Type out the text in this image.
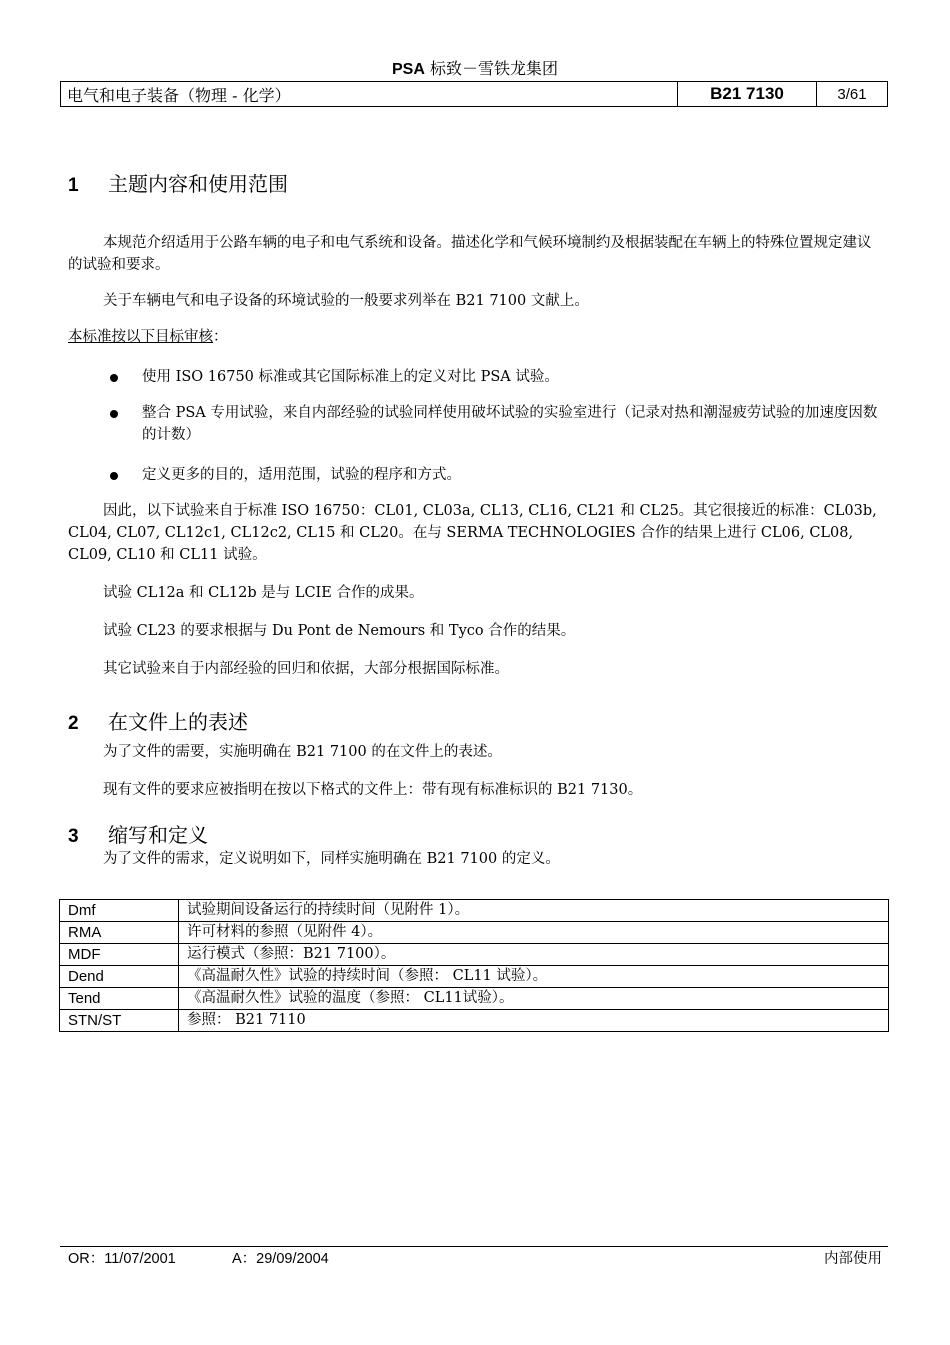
PSA 标致－雪铁龙集团
电气和电子装备（物理 - 化学）	B21 7130	3/61
1	主题内容和使用范围

本规范介绍适用于公路车辆的电子和电气系统和设备。描述化学和气候环境制约及根据装配在车辆上的特殊位置规定建议的试验和要求。

关于车辆电气和电子设备的环境试验的一般要求列举在 B21 7100 文献上。

本标准按以下目标审核：

使用 ISO 16750 标准或其它国际标准上的定义对比 PSA 试验。
整合 PSA 专用试验，来自内部经验的试验同样使用破坏试验的实验室进行（记录对热和潮湿疲劳试验的加速度因数的计数）
定义更多的目的，适用范围，试验的程序和方式。

因此，以下试验来自于标准 ISO 16750：CL01, CL03a, CL13, CL16, CL21 和 CL25。其它很接近的标准：CL03b, CL04, CL07, CL12c1, CL12c2, CL15 和 CL20。在与 SERMA TECHNOLOGIES 合作的结果上进行 CL06, CL08, CL09, CL10 和 CL11 试验。

试验 CL12a 和 CL12b 是与 LCIE 合作的成果。

试验 CL23 的要求根据与 Du Pont de Nemours 和 Tyco 合作的结果。

其它试验来自于内部经验的回归和依据，大部分根据国际标准。

2	在文件上的表述

为了文件的需要，实施明确在 B21 7100 的在文件上的表述。

现有文件的要求应被指明在按以下格式的文件上：带有现有标准标识的 B21 7130。

3	缩写和定义

为了文件的需求，定义说明如下，同样实施明确在 B21 7100 的定义。

Dmf	试验期间设备运行的持续时间（见附件 1）。
RMA	许可材料的参照（见附件 4）。
MDF	运行模式（参照：B21 7100）。
Dend	《高温耐久性》试验的持续时间（参照： CL11 试验）。
Tend	《高温耐久性》试验的温度（参照： CL11试验）。
STN/ST	参照： B21 7110
OR：11/07/2001	A：29/09/2004	内部使用
